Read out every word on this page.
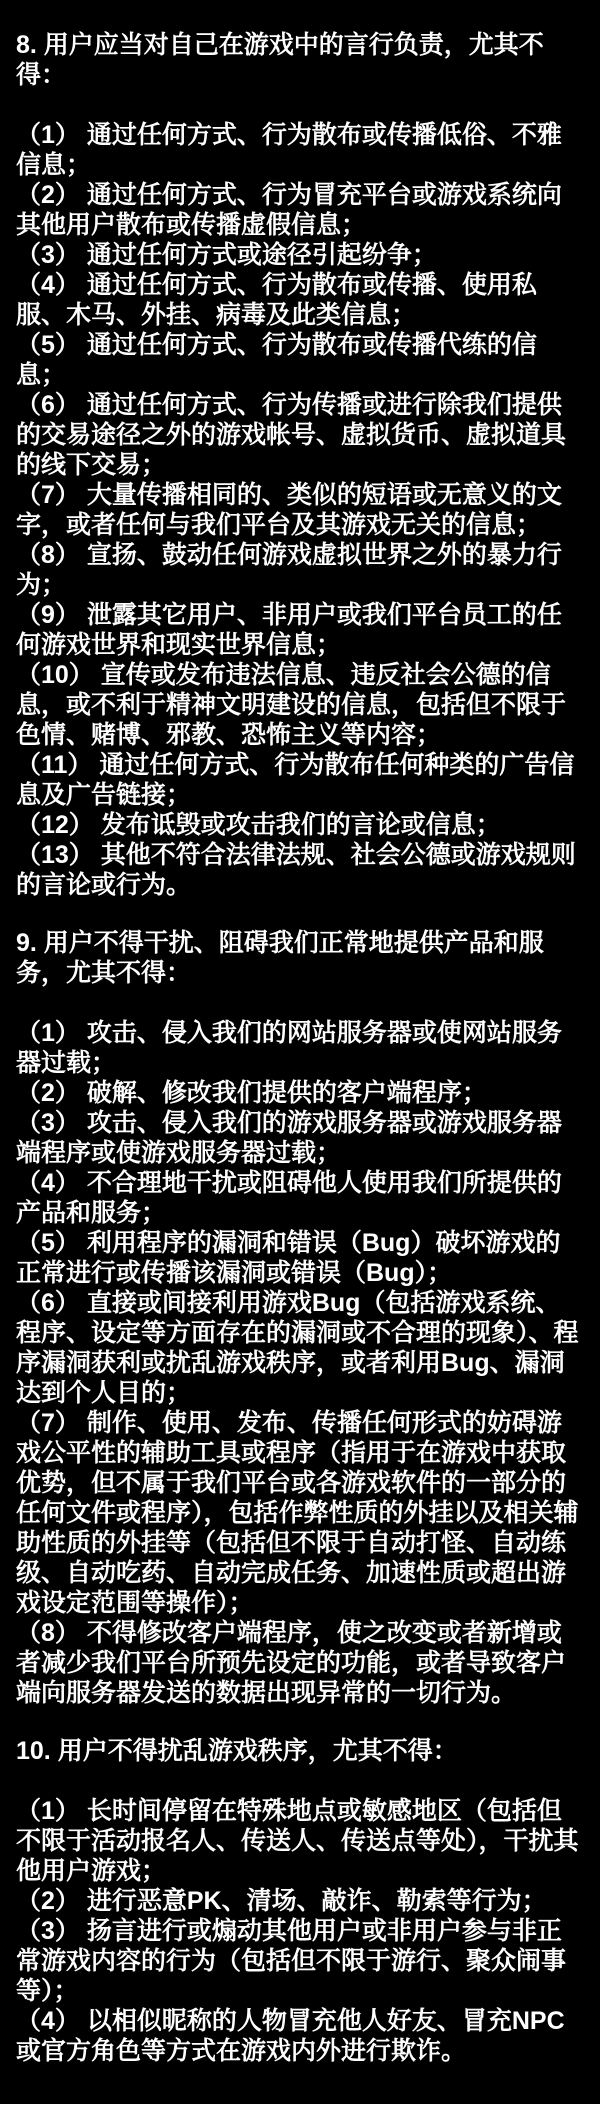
8. 用户应当对自己在游戏中的言行负责，尤其不得：

（1） 通过任何方式、行为散布或传播低俗、不雅信息；

（2） 通过任何方式、行为冒充平台或游戏系统向其他用户散布或传播虚假信息；

（3） 通过任何方式或途径引起纷争；

（4） 通过任何方式、行为散布或传播、使用私服、木马、外挂、病毒及此类信息；

（5） 通过任何方式、行为散布或传播代练的信息；

（6） 通过任何方式、行为传播或进行除我们提供的交易途径之外的游戏帐号、虚拟货币、虚拟道具的线下交易；

（7） 大量传播相同的、类似的短语或无意义的文字，或者任何与我们平台及其游戏无关的信息；

（8） 宣扬、鼓动任何游戏虚拟世界之外的暴力行为；

（9） 泄露其它用户、非用户或我们平台员工的任何游戏世界和现实世界信息；

（10） 宣传或发布违法信息、违反社会公德的信息，或不利于精神文明建设的信息，包括但不限于色情、赌博、邪教、恐怖主义等内容；

（11） 通过任何方式、行为散布任何种类的广告信息及广告链接；

（12） 发布诋毁或攻击我们的言论或信息；

（13） 其他不符合法律法规、社会公德或游戏规则的言论或行为。

9. 用户不得干扰、阻碍我们正常地提供产品和服务，尤其不得：

（1） 攻击、侵入我们的网站服务器或使网站服务器过载；

（2） 破解、修改我们提供的客户端程序；

（3） 攻击、侵入我们的游戏服务器或游戏服务器端程序或使游戏服务器过载；

（4） 不合理地干扰或阻碍他人使用我们所提供的产品和服务；

（5） 利用程序的漏洞和错误（Bug）破坏游戏的正常进行或传播该漏洞或错误（Bug）；

（6） 直接或间接利用游戏Bug（包括游戏系统、程序、设定等方面存在的漏洞或不合理的现象）、程序漏洞获利或扰乱游戏秩序，或者利用Bug、漏洞达到个人目的；

（7） 制作、使用、发布、传播任何形式的妨碍游戏公平性的辅助工具或程序（指用于在游戏中获取优势，但不属于我们平台或各游戏软件的一部分的任何文件或程序），包括作弊性质的外挂以及相关辅助性质的外挂等（包括但不限于自动打怪、自动练级、自动吃药、自动完成任务、加速性质或超出游戏设定范围等操作）；

（8） 不得修改客户端程序，使之改变或者新增或者减少我们平台所预先设定的功能，或者导致客户端向服务器发送的数据出现异常的一切行为。

10. 用户不得扰乱游戏秩序，尤其不得：

（1） 长时间停留在特殊地点或敏感地区（包括但不限于活动报名人、传送人、传送点等处），干扰其他用户游戏；

（2） 进行恶意PK、清场、敲诈、勒索等行为；

（3） 扬言进行或煽动其他用户或非用户参与非正常游戏内容的行为（包括但不限于游行、聚众闹事等）；

（4） 以相似昵称的人物冒充他人好友、冒充NPC或官方角色等方式在游戏内外进行欺诈。
